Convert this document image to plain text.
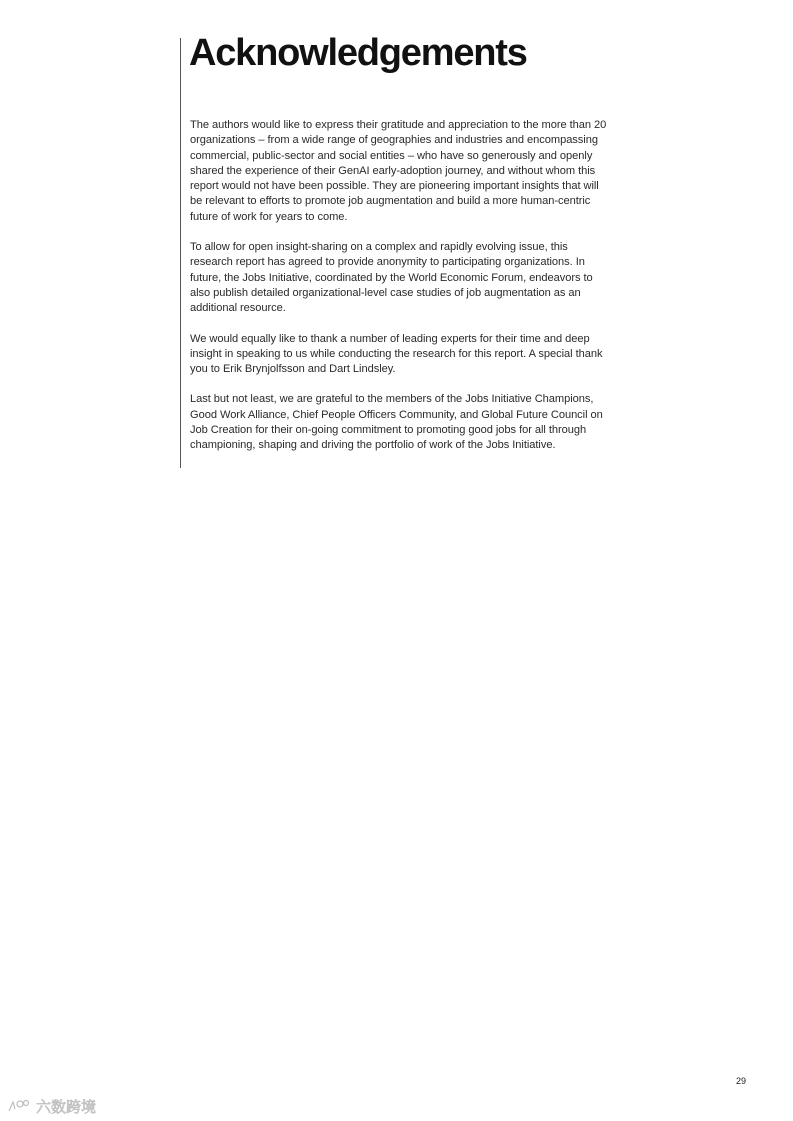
Acknowledgements

The authors would like to express their gratitude and appreciation to the more than 20 organizations – from a wide range of geographies and industries and encompassing commercial, public-sector and social entities – who have so generously and openly shared the experience of their GenAI early-adoption journey, and without whom this report would not have been possible. They are pioneering important insights that will be relevant to efforts to promote job augmentation and build a more human-centric future of work for years to come.

To allow for open insight-sharing on a complex and rapidly evolving issue, this research report has agreed to provide anonymity to participating organizations. In future, the Jobs Initiative, coordinated by the World Economic Forum, endeavors to also publish detailed organizational-level case studies of job augmentation as an additional resource.

We would equally like to thank a number of leading experts for their time and deep insight in speaking to us while conducting the research for this report. A special thank you to Erik Brynjolfsson and Dart Lindsley.

Last but not least, we are grateful to the members of the Jobs Initiative Champions, Good Work Alliance, Chief People Officers Community, and Global Future Council on Job Creation for their on-going commitment to promoting good jobs for all through championing, shaping and driving the portfolio of work of the Jobs Initiative.

29
六数跨境
